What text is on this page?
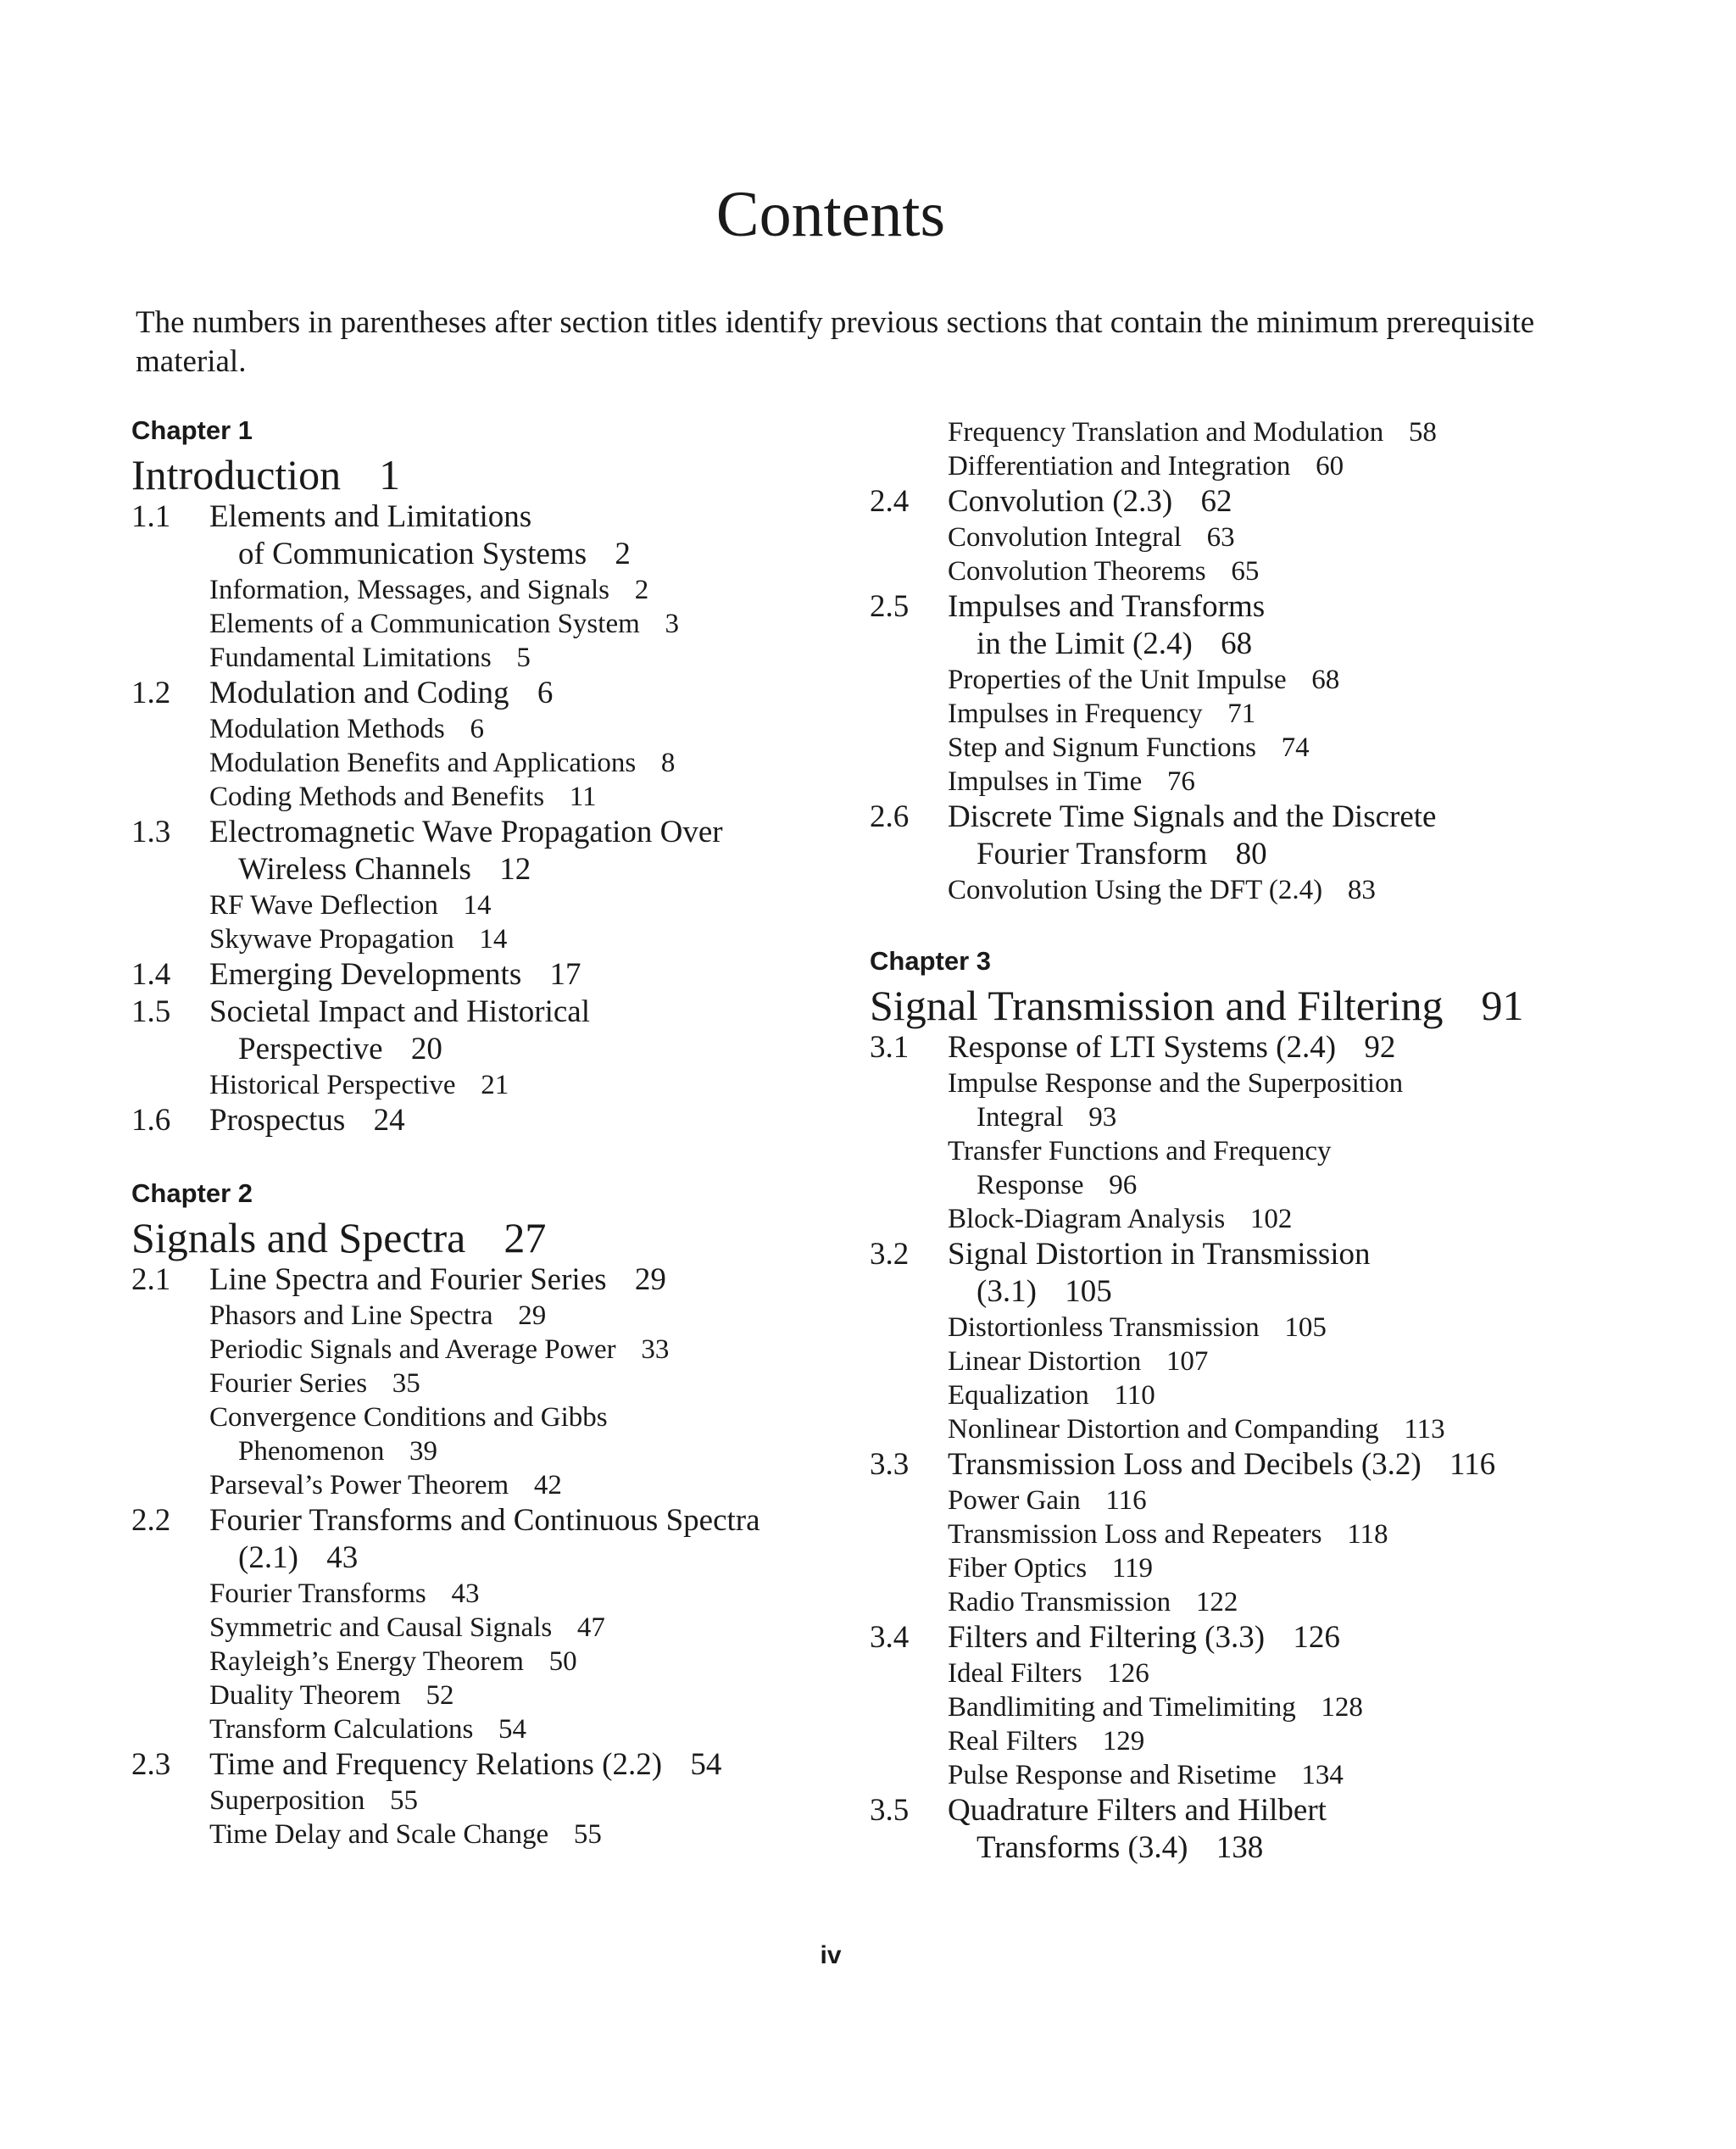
Contents
The numbers in parentheses after section titles identify previous sections that contain the minimum prerequisite material.
Chapter 1
Introduction 1
1.1 Elements and Limitations
of Communication Systems 2
Information, Messages, and Signals 2
Elements of a Communication System 3
Fundamental Limitations 5
1.2 Modulation and Coding 6
Modulation Methods 6
Modulation Benefits and Applications 8
Coding Methods and Benefits 11
1.3 Electromagnetic Wave Propagation Over
Wireless Channels 12
RF Wave Deflection 14
Skywave Propagation 14
1.4 Emerging Developments 17
1.5 Societal Impact and Historical
Perspective 20
Historical Perspective 21
1.6 Prospectus 24
Chapter 2
Signals and Spectra 27
2.1 Line Spectra and Fourier Series 29
Phasors and Line Spectra 29
Periodic Signals and Average Power 33
Fourier Series 35
Convergence Conditions and Gibbs
Phenomenon 39
Parseval’s Power Theorem 42
2.2 Fourier Transforms and Continuous Spectra
(2.1) 43
Fourier Transforms 43
Symmetric and Causal Signals 47
Rayleigh’s Energy Theorem 50
Duality Theorem 52
Transform Calculations 54
2.3 Time and Frequency Relations (2.2) 54
Superposition 55
Time Delay and Scale Change 55
Frequency Translation and Modulation 58
Differentiation and Integration 60
2.4 Convolution (2.3) 62
Convolution Integral 63
Convolution Theorems 65
2.5 Impulses and Transforms
in the Limit (2.4) 68
Properties of the Unit Impulse 68
Impulses in Frequency 71
Step and Signum Functions 74
Impulses in Time 76
2.6 Discrete Time Signals and the Discrete
Fourier Transform 80
Convolution Using the DFT (2.4) 83
Chapter 3
Signal Transmission and Filtering 91
3.1 Response of LTI Systems (2.4) 92
Impulse Response and the Superposition
Integral 93
Transfer Functions and Frequency
Response 96
Block-Diagram Analysis 102
3.2 Signal Distortion in Transmission
(3.1) 105
Distortionless Transmission 105
Linear Distortion 107
Equalization 110
Nonlinear Distortion and Companding 113
3.3 Transmission Loss and Decibels (3.2) 116
Power Gain 116
Transmission Loss and Repeaters 118
Fiber Optics 119
Radio Transmission 122
3.4 Filters and Filtering (3.3) 126
Ideal Filters 126
Bandlimiting and Timelimiting 128
Real Filters 129
Pulse Response and Risetime 134
3.5 Quadrature Filters and Hilbert
Transforms (3.4) 138
iv
